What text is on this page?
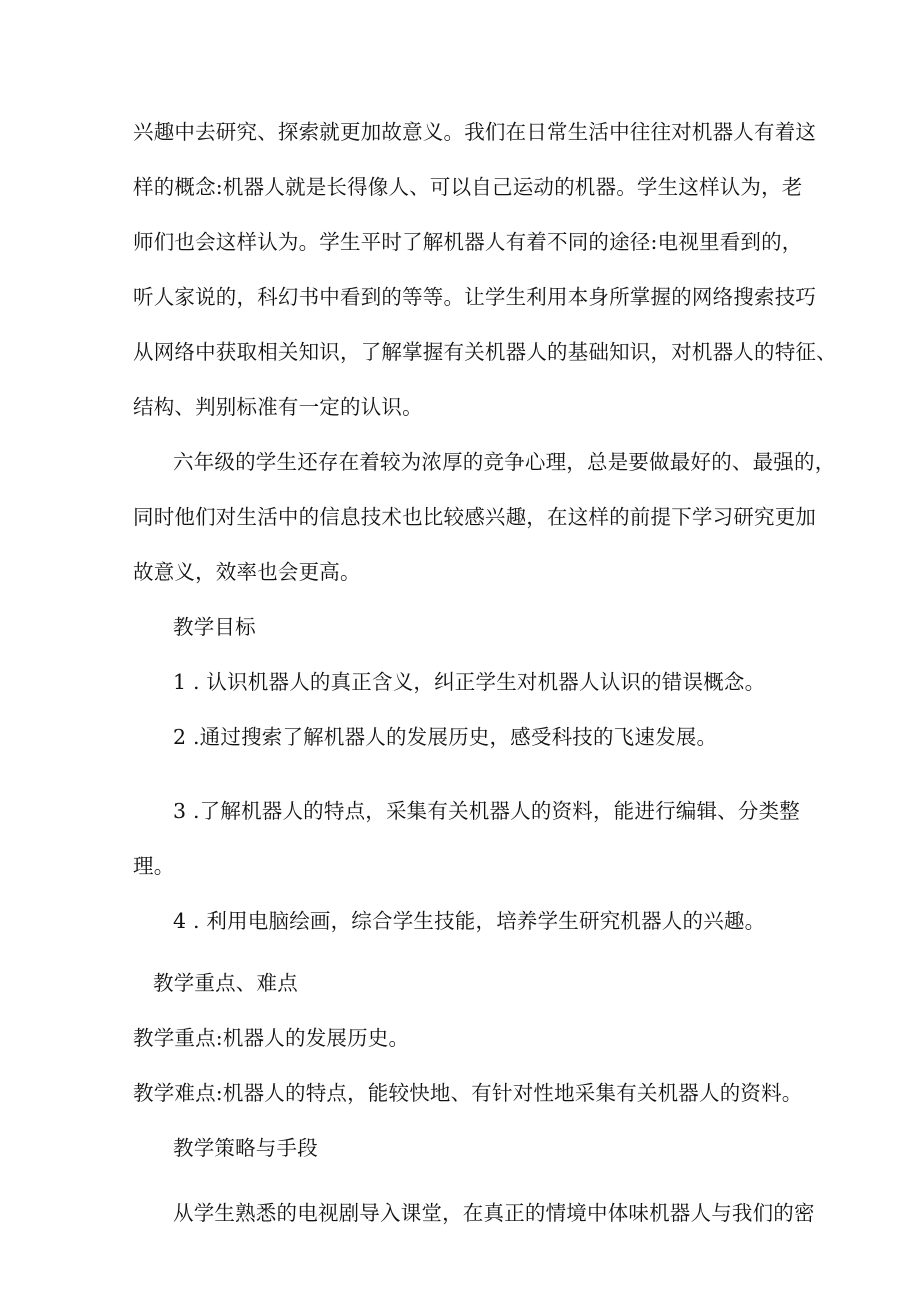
兴趣中去研究、探索就更加故意义。我们在日常生活中往往对机器人有着这
样的概念:机器人就是长得像人、可以自己运动的机器。学生这样认为，老
师们也会这样认为。学生平时了解机器人有着不同的途径:电视里看到的，
听人家说的，科幻书中看到的等等。让学生利用本身所掌握的网络搜索技巧
从网络中获取相关知识，了解掌握有关机器人的基础知识，对机器人的特征、
结构、判别标准有一定的认识。
六年级的学生还存在着较为浓厚的竞争心理，总是要做最好的、最强的，
同时他们对生活中的信息技术也比较感兴趣，在这样的前提下学习研究更加
故意义，效率也会更高。
教学目标
1 . 认识机器人的真正含义，纠正学生对机器人认识的错误概念。
2 .通过搜索了解机器人的发展历史，感受科技的飞速发展。
3 .了解机器人的特点，采集有关机器人的资料，能进行编辑、分类整
理。
4 . 利用电脑绘画，综合学生技能，培养学生研究机器人的兴趣。
教学重点、难点
教学重点:机器人的发展历史。
教学难点:机器人的特点，能较快地、有针对性地采集有关机器人的资料。
教学策略与手段
从学生熟悉的电视剧导入课堂，在真正的情境中体味机器人与我们的密
